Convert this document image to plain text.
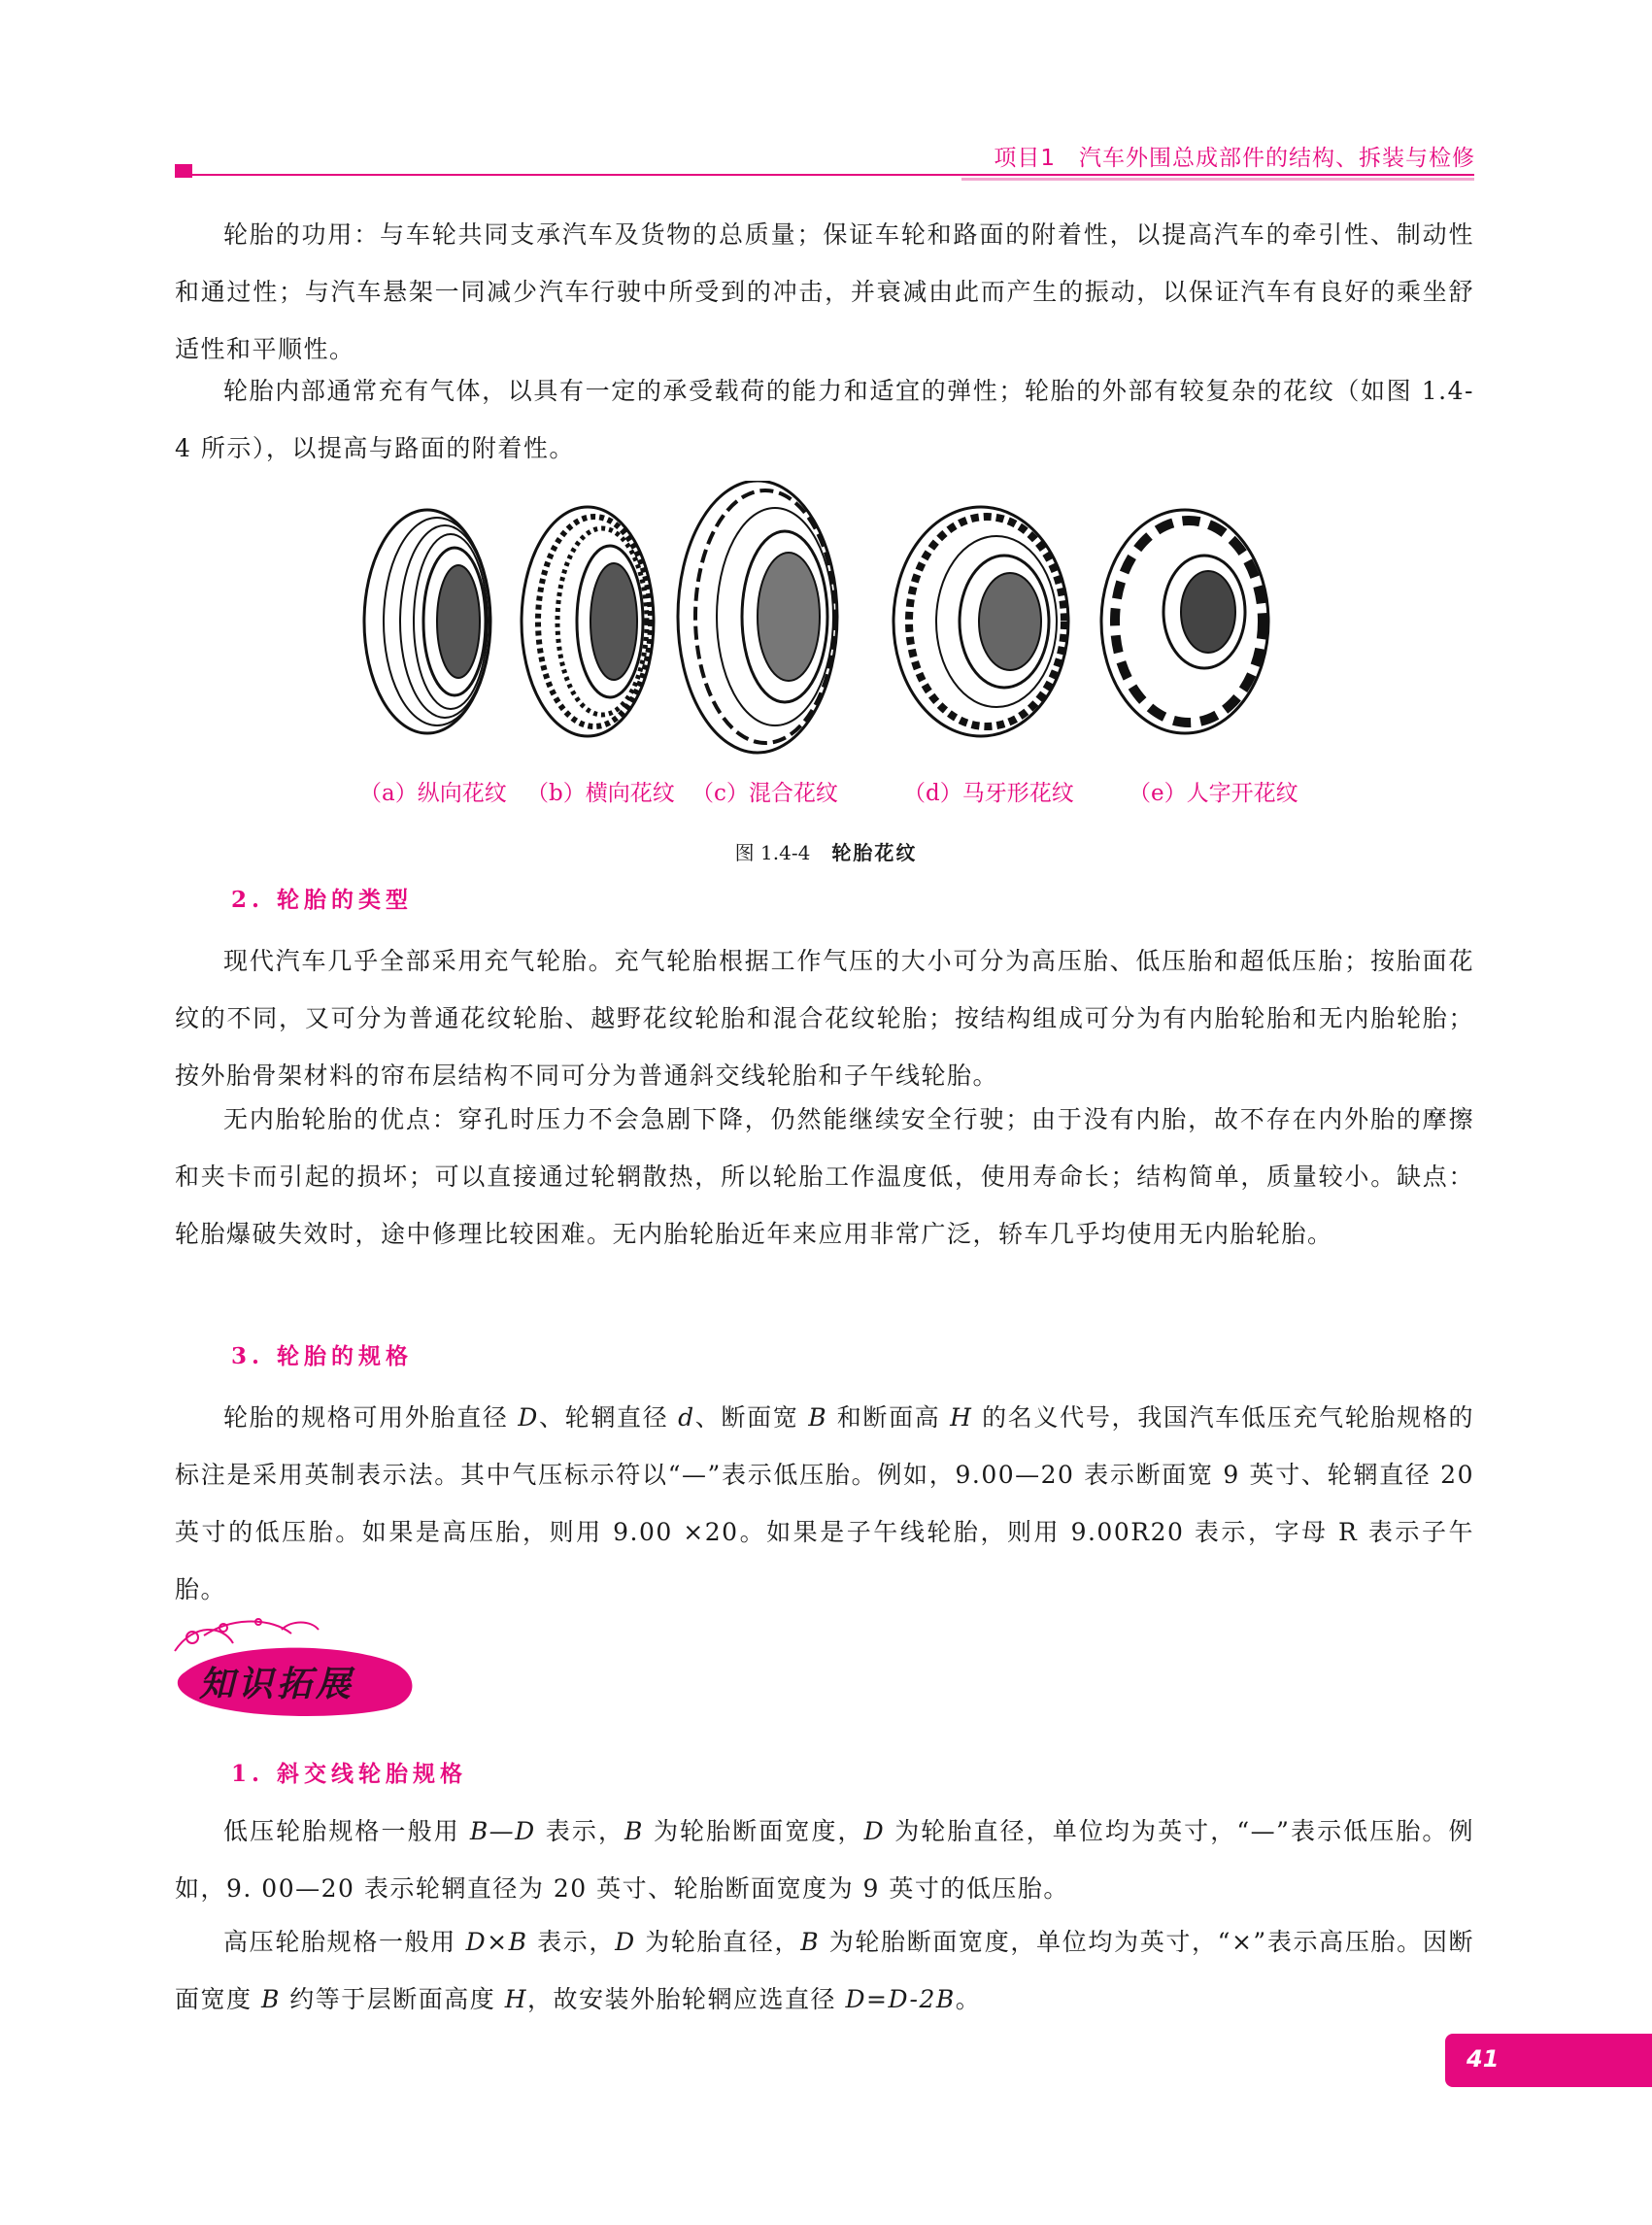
项目1　汽车外围总成部件的结构、拆装与检修

轮胎的功用：与车轮共同支承汽车及货物的总质量；保证车轮和路面的附着性，以提高汽车的牵引性、制动性和通过性；与汽车悬架一同减少汽车行驶中所受到的冲击，并衰减由此而产生的振动，以保证汽车有良好的乘坐舒适性和平顺性。

轮胎内部通常充有气体，以具有一定的承受载荷的能力和适宜的弹性；轮胎的外部有较复杂的花纹（如图 1.4-4 所示），以提高与路面的附着性。

（a）纵向花纹 （b）横向花纹 （c）混合花纹	（d）马牙形花纹 （e）人字开花纹
图 1.4-4 轮胎花纹
2. 轮胎的类型

现代汽车几乎全部采用充气轮胎。充气轮胎根据工作气压的大小可分为高压胎、低压胎和超低压胎；按胎面花纹的不同，又可分为普通花纹轮胎、越野花纹轮胎和混合花纹轮胎；按结构组成可分为有内胎轮胎和无内胎轮胎；按外胎骨架材料的帘布层结构不同可分为普通斜交线轮胎和子午线轮胎。

无内胎轮胎的优点：穿孔时压力不会急剧下降，仍然能继续安全行驶；由于没有内胎，故不存在内外胎的摩擦和夹卡而引起的损坏；可以直接通过轮辋散热，所以轮胎工作温度低，使用寿命长；结构简单，质量较小。缺点：轮胎爆破失效时，途中修理比较困难。无内胎轮胎近年来应用非常广泛，轿车几乎均使用无内胎轮胎。

3. 轮胎的规格

轮胎的规格可用外胎直径 D、轮辋直径 d、断面宽 B 和断面高 H 的名义代号，我国汽车低压充气轮胎规格的标注是采用英制表示法。其中气压标示符以“—”表示低压胎。例如，9.00—20 表示断面宽 9 英寸、轮辋直径 20 英寸的低压胎。如果是高压胎，则用 9.00 ×20。如果是子午线轮胎，则用 9.00R20 表示，字母 R 表示子午胎。

知识拓展
1. 斜交线轮胎规格

低压轮胎规格一般用 B—D 表示，B 为轮胎断面宽度，D 为轮胎直径，单位均为英寸，“—”表示低压胎。例如，9. 00—20 表示轮辋直径为 20 英寸、轮胎断面宽度为 9 英寸的低压胎。

高压轮胎规格一般用 D×B 表示，D 为轮胎直径，B 为轮胎断面宽度，单位均为英寸，“×”表示高压胎。因断面宽度 B 约等于层断面高度 H，故安装外胎轮辋应选直径 D=D-2B。

41
